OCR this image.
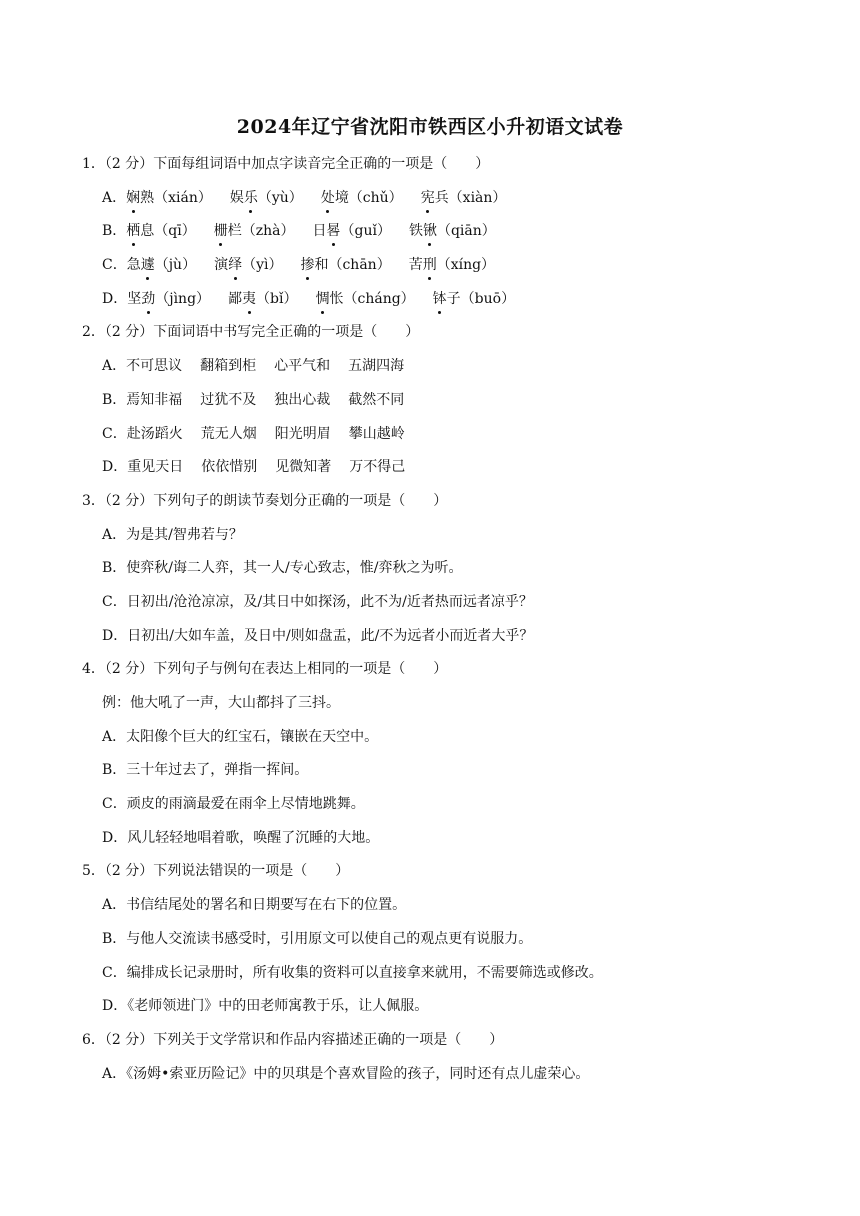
2024年辽宁省沈阳市铁西区小升初语文试卷
1．（2 分）下面每组词语中加点字读音完全正确的一项是（ ）
A．娴熟（xián） 娱乐（yù） 处境（chǔ） 宪兵（xiàn）
B．栖息（qī） 栅栏（zhà） 日晷（guǐ） 铁锹（qiān）
C．急遽（jù） 演绎（yì） 掺和（chān） 苦刑（xíng）
D．坚劲（jìng） 鄙夷（bǐ） 惆怅（cháng） 钵子（buō）
2．（2 分）下面词语中书写完全正确的一项是（ ）
A．不可思议 翻箱到柜 心平气和 五湖四海
B．焉知非福 过犹不及 独出心裁 截然不同
C．赴汤蹈火 荒无人烟 阳光明眉 攀山越岭
D．重见天日 依依惜别 见微知著 万不得己
3．（2 分）下列句子的朗读节奏划分正确的一项是（ ）
A．为是其/智弗若与？
B．使弈秋/诲二人弈，其一人/专心致志，惟/弈秋之为听。
C．日初出/沧沧凉凉，及/其日中如探汤，此不为/近者热而远者凉乎？
D．日初出/大如车盖，及日中/则如盘盂，此/不为远者小而近者大乎？
4．（2 分）下列句子与例句在表达上相同的一项是（ ）
例：他大吼了一声，大山都抖了三抖。
A．太阳像个巨大的红宝石，镶嵌在天空中。
B．三十年过去了，弹指一挥间。
C．顽皮的雨滴最爱在雨伞上尽情地跳舞。
D．风儿轻轻地唱着歌，唤醒了沉睡的大地。
5．（2 分）下列说法错误的一项是（ ）
A．书信结尾处的署名和日期要写在右下的位置。
B．与他人交流读书感受时，引用原文可以使自己的观点更有说服力。
C．编排成长记录册时，所有收集的资料可以直接拿来就用，不需要筛选或修改。
D．《老师领进门》中的田老师寓教于乐，让人佩服。
6．（2 分）下列关于文学常识和作品内容描述正确的一项是（ ）
A．《汤姆•索亚历险记》中的贝琪是个喜欢冒险的孩子，同时还有点儿虚荣心。
